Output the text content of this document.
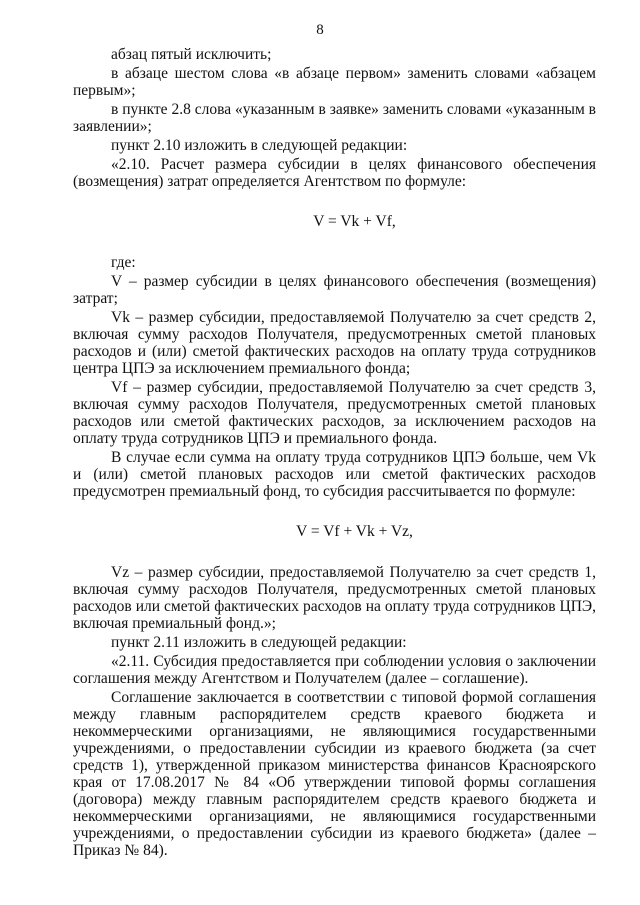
8

абзац пятый исключить;

в абзаце шестом слова «в абзаце первом» заменить словами «абзацем первым»;

в пункте 2.8 слова «указанным в заявке» заменить словами «указанным в заявлении»;

пункт 2.10 изложить в следующей редакции:

«2.10. Расчет размера субсидии в целях финансового обеспечения (возмещения) затрат определяется Агентством по формуле:

V = Vk + Vf,

где:

V – размер субсидии в целях финансового обеспечения (возмещения) затрат;

Vk – размер субсидии, предоставляемой Получателю за счет средств 2, включая сумму расходов Получателя, предусмотренных сметой плановых расходов и (или) сметой фактических расходов на оплату труда сотрудников центра ЦПЭ за исключением премиального фонда;

Vf – размер субсидии, предоставляемой Получателю за счет средств 3, включая сумму расходов Получателя, предусмотренных сметой плановых расходов или сметой фактических расходов, за исключением расходов на оплату труда сотрудников ЦПЭ и премиального фонда.

В случае если сумма на оплату труда сотрудников ЦПЭ больше, чем Vk и (или) сметой плановых расходов или сметой фактических расходов предусмотрен премиальный фонд, то субсидия рассчитывается по формуле:

V = Vf + Vk + Vz,

Vz – размер субсидии, предоставляемой Получателю за счет средств 1, включая сумму расходов Получателя, предусмотренных сметой плановых расходов или сметой фактических расходов на оплату труда сотрудников ЦПЭ, включая премиальный фонд.»;

пункт 2.11 изложить в следующей редакции:

«2.11. Субсидия предоставляется при соблюдении условия о заключении соглашения между Агентством и Получателем (далее – соглашение).

Соглашение заключается в соответствии с типовой формой соглашения между главным распорядителем средств краевого бюджета и некоммерческими организациями, не являющимися государственными учреждениями, о предоставлении субсидии из краевого бюджета (за счет средств 1), утвержденной приказом министерства финансов Красноярского края от 17.08.2017 № 84 «Об утверждении типовой формы соглашения (договора) между главным распорядителем средств краевого бюджета и некоммерческими организациями, не являющимися государственными учреждениями, о предоставлении субсидии из краевого бюджета» (далее – Приказ № 84).
